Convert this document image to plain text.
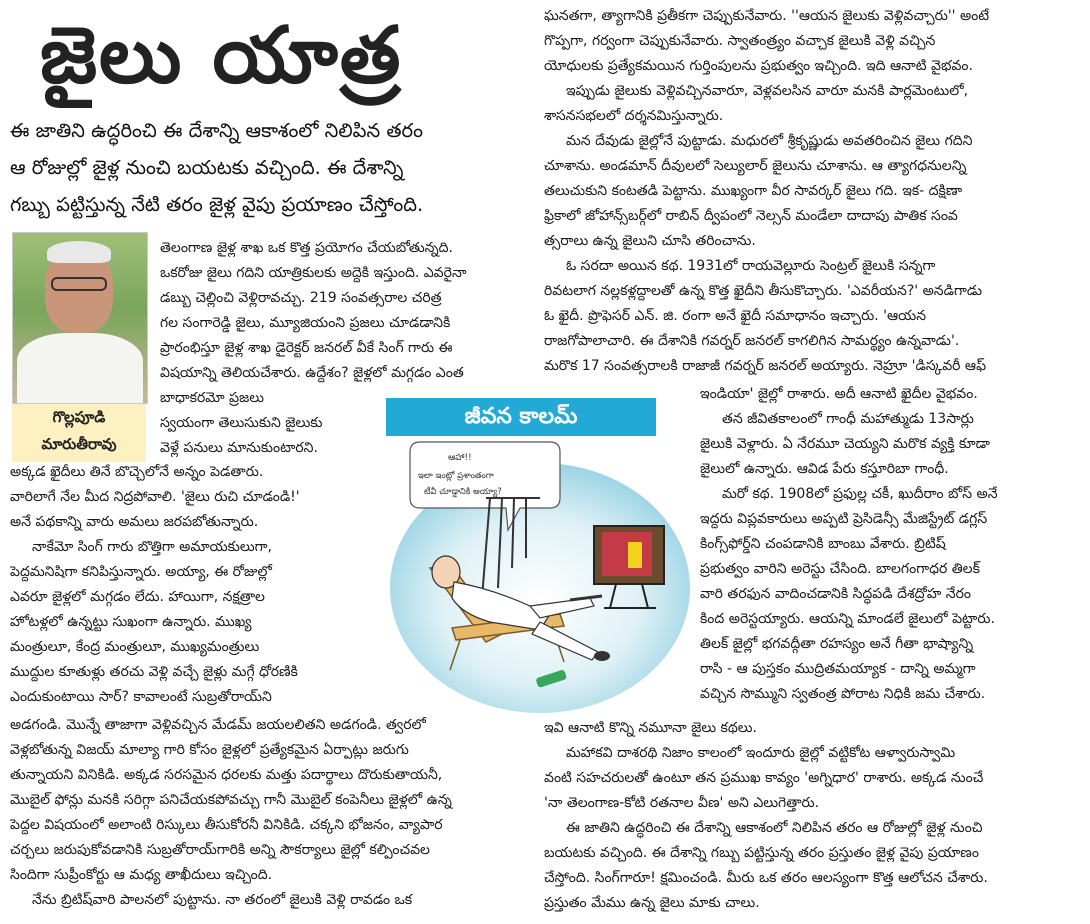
జైలు యాత్ర
ఈ జాతిని ఉద్ధరించి ఈ దేశాన్ని ఆకాశంలో నిలిపిన తరం
ఆ రోజుల్లో జైళ్ల నుంచి బయటకు వచ్చింది. ఈ దేశాన్ని
గబ్బు పట్టిస్తున్న నేటి తరం జైళ్ల వైపు ప్రయాణం చేస్తోంది.
గొల్లపూడి
మారుతీరావు
తెలంగాణ జైళ్ల శాఖ ఒక కొత్త ప్రయోగం చేయబోతున్నది.
ఒకరోజు జైలు గదిని యాత్రికులకు అద్దెకి ఇస్తుంది. ఎవరైనా
డబ్బు చెల్లించి వెళ్లిరావచ్చు. 219 సంవత్సరాల చరిత్ర
గల సంగారెడ్డి జైలు, మ్యూజియంని ప్రజలు చూడడానికి
ప్రారంభిస్తూ జైళ్ల శాఖ డైరెక్టర్ జనరల్ వీకే సింగ్ గారు ఈ
విషయాన్ని తెలియచేశారు. ఉద్దేశం? జైళ్లలో మగ్గడం ఎంత
బాధాకరమో ప్రజలు
స్వయంగా తెలుసుకుని జైలుకు
వెళ్లే పనులు మానుకుంటారని.
అక్కడ ఖైదీలు తినే బొచ్చెలోనే అన్నం పెడతారు.
వారిలాగే నేల మీద నిద్రపోవాలి. 'జైలు రుచి చూడండి!'
అనే పథకాన్ని వారు అమలు జరపబోతున్నారు.
నాకేమో సింగ్ గారు బొత్తిగా అమాయకులుగా,
పెద్దమనిషిగా కనిపిస్తున్నారు. అయ్యా, ఈ రోజుల్లో
ఎవరూ జైళ్లలో మగ్గడం లేదు. హాయిగా, నక్షత్రాల
హోటళ్లలో ఉన్నట్టు సుఖంగా ఉన్నారు. ముఖ్య
మంత్రులూ, కేంద్ర మంత్రులూ, ముఖ్యమంత్రులు
ముద్దుల కూతుళ్లు తరచు వెళ్లి వచ్చే జైళ్లు మగ్గే ధోరణికి
ఎందుకుంటాయి సార్? కావాలంటే సుబ్రతోరాయ్‌ని
అడగండి. మొన్నే తాజాగా వెళ్లివచ్చిన మేడమ్ జయలలితని అడగండి. త్వరలో
వెళ్లబోతున్న విజయ్ మాల్యా గారి కోసం జైళ్లలో ప్రత్యేకమైన ఏర్పాట్లు జరుగు
తున్నాయని వినికిడి. అక్కడ సరసమైన ధరలకు మత్తు పదార్థాలు దొరుకుతాయనీ,
మొబైల్ ఫోన్లు మనకి సరిగ్గా పనిచేయకపోవచ్చు గానీ మొబైల్ కంపెనీలు జైళ్లలో ఉన్న
పెద్దల విషయంలో అలాంటి రిస్కులు తీసుకోరనీ వినికిడి. చక్కని భోజనం, వ్యాపార
చర్చలు జరుపుకోవడానికి సుబ్రతోరాయ్‌గారికి అన్ని సౌకర్యాలు జైల్లో కల్పించవల
సిందిగా సుప్రీంకోర్టు ఆ మధ్య తాఖీదులు ఇచ్చింది.
నేను బ్రిటిష్‌వారి పాలనలో పుట్టాను. నా తరంలో జైలుకి వెళ్లి రావడం ఒక
ఘనతగా, త్యాగానికి ప్రతీకగా చెప్పుకునేవారు. ''ఆయన జైలుకు వెళ్లివచ్చారు'' అంటే
గొప్పగా, గర్వంగా చెప్పుకునేవారు. స్వాతంత్ర్యం వచ్చాక జైలుకి వెళ్లి వచ్చిన
యోధులకు ప్రత్యేకమయిన గుర్తింపులను ప్రభుత్వం ఇచ్చింది. ఇది ఆనాటి వైభవం.
ఇప్పుడు జైలుకు వెళ్లివచ్చినవారూ, వెళ్లవలసిన వారూ మనకి పార్లమెంటులో,
శాసనసభలలో దర్శనమిస్తున్నారు.
మన దేవుడు జైల్లోనే పుట్టాడు. మధురలో శ్రీకృష్ణుడు అవతరించిన జైలు గదిని
చూశాను. అండమాన్ దీవులలో సెల్యులార్ జైలును చూశాను. ఆ త్యాగధనులన్ని
తలుచుకుని కంటతడి పెట్టాను. ముఖ్యంగా వీర సావర్కర్ జైలు గది. ఇక- దక్షిణా
ఫ్రికాలో జోహాన్స్‌బర్గ్‌లో రాబిన్ ద్వీపంలో నెల్సన్ మండేలా దాదాపు పాతిక సంవ
త్సరాలు ఉన్న జైలుని చూసి తరించాను.
ఓ సరదా అయిన కథ. 1931లో రాయవెల్లూరు సెంట్రల్ జైలుకి సన్నగా
రివటలాగ నల్లకళ్లద్దాలతో ఉన్న కొత్త ఖైదీని తీసుకొచ్చారు. 'ఎవరీయన?' అనడిగాడు
ఓ ఖైదీ. ప్రొఫెసర్ ఎన్. జి. రంగా అనే ఖైదీ సమాధానం ఇచ్చారు. 'ఆయన
రాజగోపాలాచారి. ఈ దేశానికి గవర్నర్ జనరల్ కాగలిగిన సామర్థ్యం ఉన్నవాడు'.
మరొక 17 సంవత్సరాలకి రాజాజీ గవర్నర్ జనరల్ అయ్యారు. నెహ్రూ 'డిస్కవరీ ఆఫ్
ఇండియా' జైల్లో రాశారు. అదీ ఆనాటి ఖైదీల వైభవం.
తన జీవితకాలంలో గాంధీ మహాత్ముడు 13సార్లు
జైలుకి వెళ్లారు. ఏ నేరమూ చెయ్యని మరొక వ్యక్తి కూడా
జైలులో ఉన్నారు. ఆవిడ పేరు కస్తూరిబా గాంధీ.
మరో కథ. 1908లో ప్రఫుల్ల చకీ, ఖుదీరాం బోస్ అనే
ఇద్దరు విప్లవకారులు అప్పటి ప్రెసిడెన్సీ మేజిస్ట్రేట్ డగ్లస్
కింగ్స్‌ఫోర్డ్‌ని చంపడానికి బాంబు వేశారు. బ్రిటిష్
ప్రభుత్వం వారిని అరెస్టు చేసింది. బాలగంగాధర తిలక్
వారి తరఫున వాదించడానికి సిద్ధపడి దేశద్రోహ నేరం
కింద అరెస్టయ్యారు. ఆయన్ని మాండలే జైలులో పెట్టారు.
తిలక్ జైల్లో భగవద్గీతా రహస్యం అనే గీతా భాష్యాన్ని
రాసి - ఆ పుస్తకం ముద్రితమయ్యాక - దాన్ని అమ్మగా
వచ్చిన సొమ్ముని స్వతంత్ర పోరాట నిధికి జమ చేశారు.
ఇవి ఆనాటి కొన్ని నమూనా జైలు కథలు.
మహాకవి దాశరథి నిజాం కాలంలో ఇందూరు జైల్లో వట్టికోట ఆళ్వారుస్వామి
వంటి సహచరులతో ఉంటూ తన ప్రముఖ కావ్యం 'అగ్నిధార' రాశారు. అక్కడ నుంచే
'నా తెలంగాణ-కోటి రతనాల వీణ' అని ఎలుగెత్తారు.
ఈ జాతిని ఉద్ధరించి ఈ దేశాన్ని ఆకాశంలో నిలిపిన తరం ఆ రోజుల్లో జైళ్ల నుంచి
బయటకు వచ్చింది. ఈ దేశాన్ని గబ్బు పట్టిస్తున్న తరం ప్రస్తుతం జైళ్ల వైపు ప్రయాణం
చేస్తోంది. సింగ్‌గారూ! క్షమించండి. మీరు ఒక తరం ఆలస్యంగా కొత్త ఆలోచన చేశారు.
ప్రస్తుతం మేము ఉన్న జైలు మాకు చాలు.
జీవన కాలమ్
ఆహా!!
ఇలా ఇంట్లో ప్రశాంతంగా
టీవీ చూడ్డానికి అయ్యా?
